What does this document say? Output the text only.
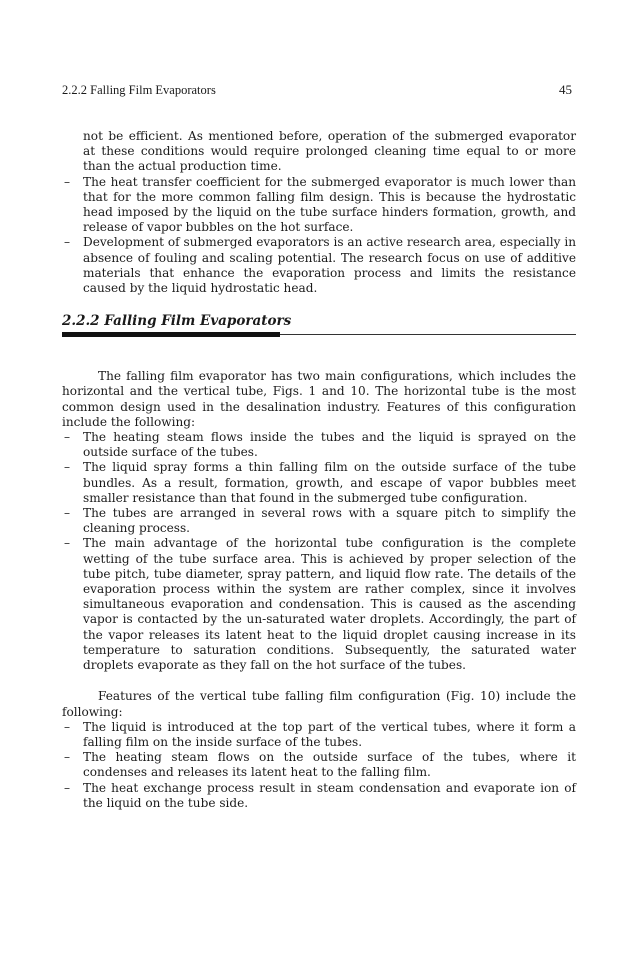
2.2.2 Falling Film Evaporators	45

not be efficient. As mentioned before, operation of the submerged evaporator at these conditions would require prolonged cleaning time equal to or more than the actual production time.

– The heat transfer coefficient for the submerged evaporator is much lower than that for the more common falling film design. This is because the hydrostatic head imposed by the liquid on the tube surface hinders formation, growth, and release of vapor bubbles on the hot surface.
– Development of submerged evaporators is an active research area, especially in absence of fouling and scaling potential. The research focus on use of additive materials that enhance the evaporation process and limits the resistance caused by the liquid hydrostatic head.
2.2.2 Falling Film Evaporators

The falling film evaporator has two main configurations, which includes the horizontal and the vertical tube, Figs. 1 and 10. The horizontal tube is the most common design used in the desalination industry. Features of this configuration include the following:

– The heating steam flows inside the tubes and the liquid is sprayed on the outside surface of the tubes.
– The liquid spray forms a thin falling film on the outside surface of the tube bundles. As a result, formation, growth, and escape of vapor bubbles meet smaller resistance than that found in the submerged tube configuration.
– The tubes are arranged in several rows with a square pitch to simplify the cleaning process.
– The main advantage of the horizontal tube configuration is the complete wetting of the tube surface area. This is achieved by proper selection of the tube pitch, tube diameter, spray pattern, and liquid flow rate. The details of the evaporation process within the system are rather complex, since it involves simultaneous evaporation and condensation. This is caused as the ascending vapor is contacted by the un-saturated water droplets. Accordingly, the part of the vapor releases its latent heat to the liquid droplet causing increase in its temperature to saturation conditions. Subsequently, the saturated water droplets evaporate as they fall on the hot surface of the tubes.

Features of the vertical tube falling film configuration (Fig. 10) include the following:

– The liquid is introduced at the top part of the vertical tubes, where it form a falling film on the inside surface of the tubes.
– The heating steam flows on the outside surface of the tubes, where it condenses and releases its latent heat to the falling film.
– The heat exchange process result in steam condensation and evaporate ion of the liquid on the tube side.
